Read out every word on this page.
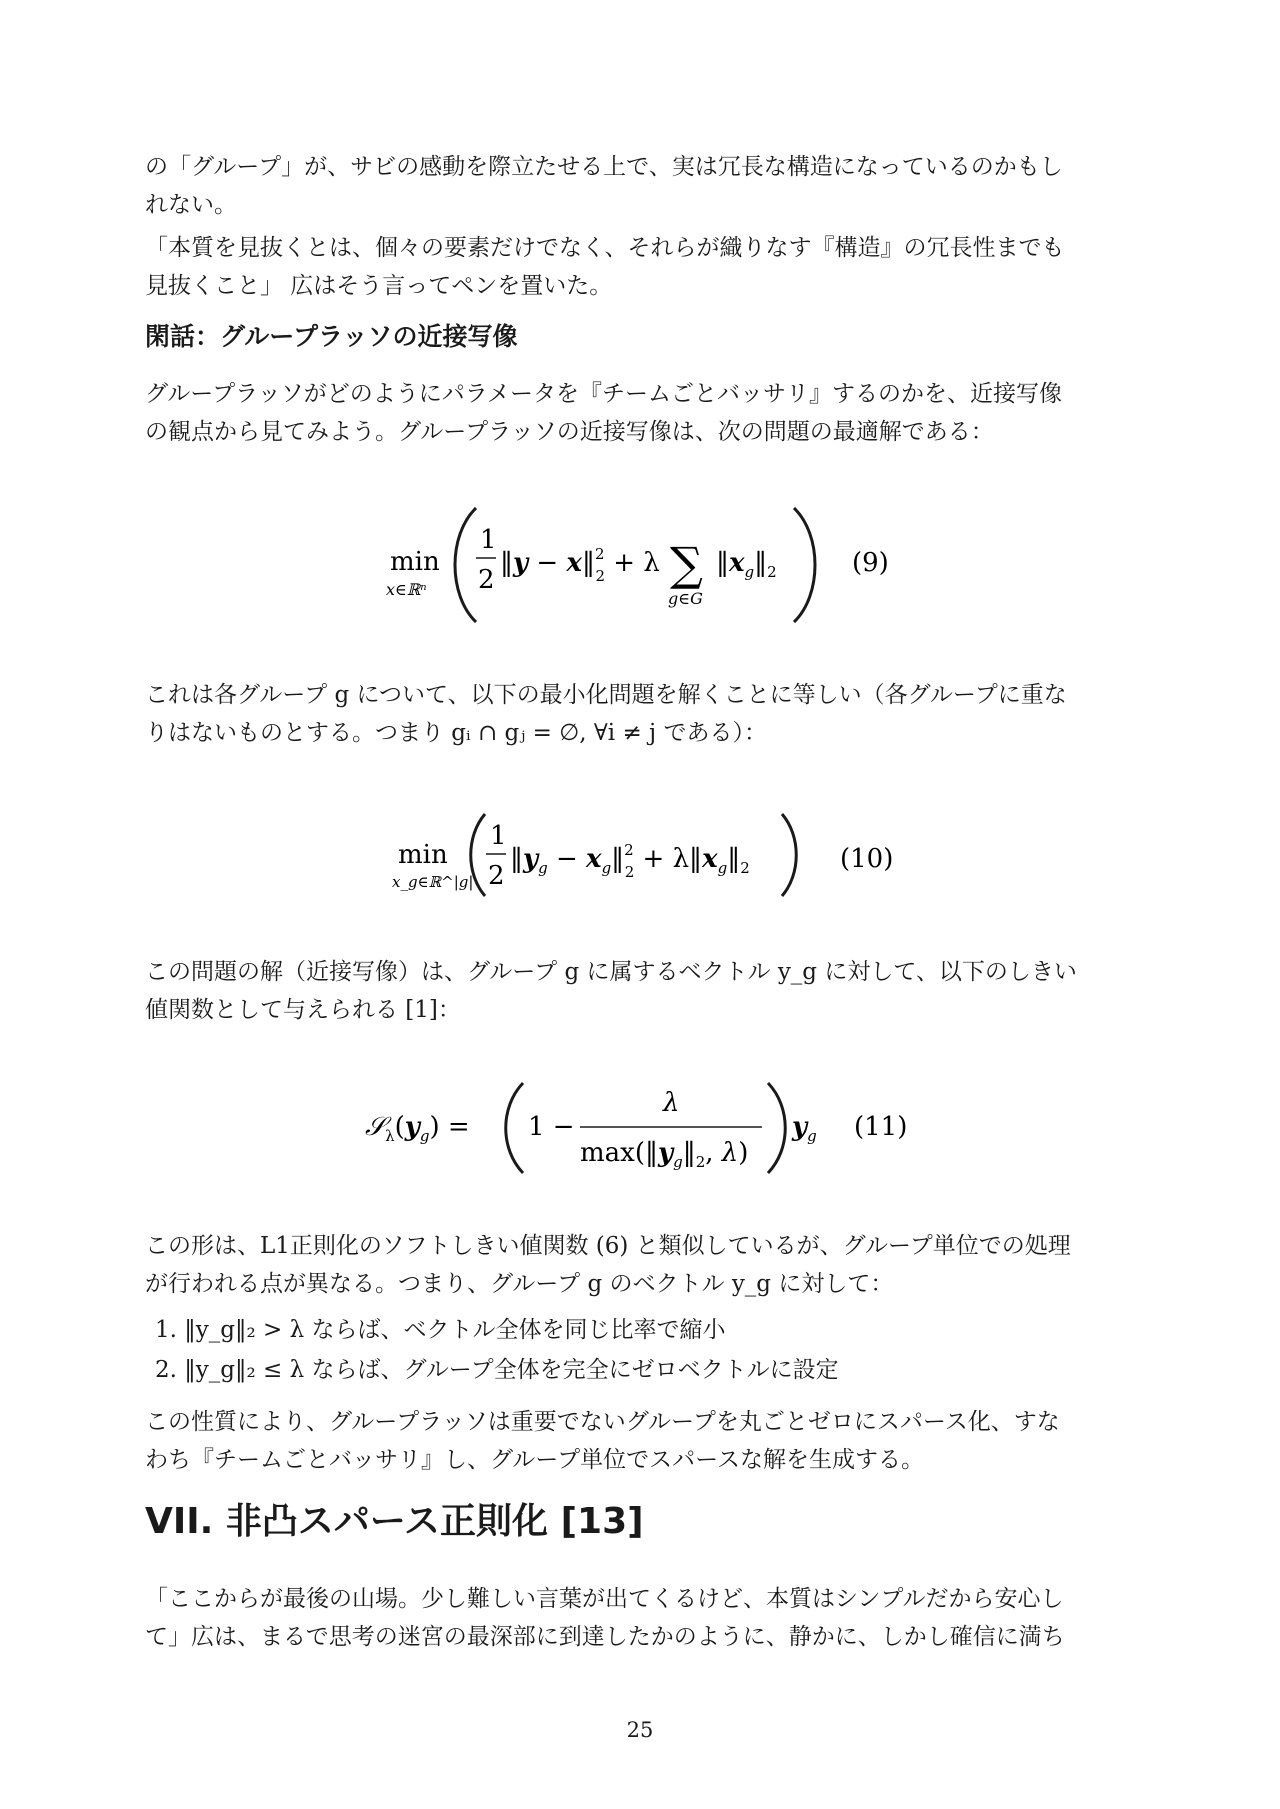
の「グループ」が、サビの感動を際立たせる上で、実は冗長な構造になっているのかもし
れない。

「本質を見抜くとは、個々の要素だけでなく、それらが織りなす『構造』の冗長性までも
見抜くこと」 広はそう言ってペンを置いた。

閑話：グループラッソの近接写像

グループラッソがどのようにパラメータを『チームごとバッサリ』するのかを、近接写像
の観点から見てみよう。グループラッソの近接写像は、次の問題の最適解である：

min
x∈ℝⁿ
1
2
‖y − x‖$^2$ 2 + λ ∑
g∈G
$‖x_g‖_2$	(9)

これは各グループ g について、以下の最小化問題を解くことに等しい（各グループに重な
りはないものとする。つまり gᵢ ∩ gⱼ = ∅, ∀i ≠ j である）：

min
x_g∈ℝ^|g|
1
2
$‖y_g$ − $x_g‖^2$ $2 + \lambda‖x_g‖_2$	(10)

この問題の解（近接写像）は、グループ g に属するベクトル y_g に対して、以下のしきい
値関数として与えられる [1]：

$𝒮_\lambda(y_g) = 1$ −
λ
$\max(‖y_g‖_2$, λ)
$y_g$ (11)

この形は、L1正則化のソフトしきい値関数 (6) と類似しているが、グループ単位での処理
が行われる点が異なる。つまり、グループ g のベクトル y_g に対して：

1. ‖y_g‖₂ > λ ならば、ベクトル全体を同じ比率で縮小
2. ‖y_g‖₂ ≤ λ ならば、グループ全体を完全にゼロベクトルに設定

この性質により、グループラッソは重要でないグループを丸ごとゼロにスパース化、すな
わち『チームごとバッサリ』し、グループ単位でスパースな解を生成する。

VII. 非凸スパース正則化 [13]

「ここからが最後の山場。少し難しい言葉が出てくるけど、本質はシンプルだから安心し
て」広は、まるで思考の迷宮の最深部に到達したかのように、静かに、しかし確信に満ち

25
